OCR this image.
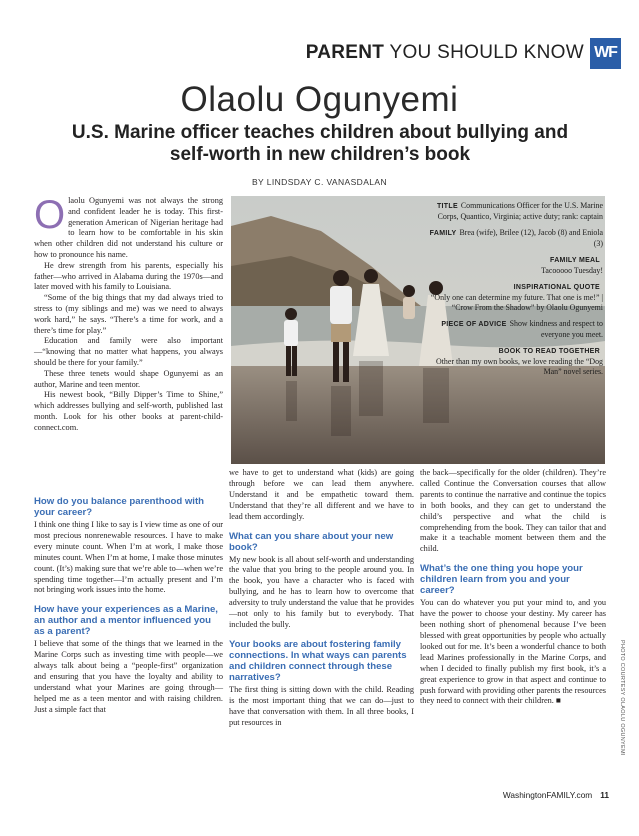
PARENT YOU SHOULD KNOW WF
Olaolu Ogunyemi
U.S. Marine officer teaches children about bullying and self-worth in new children’s book
BY LINDSDAY C. VANASDALAN

Olaolu Ogunyemi was not always the strong and confident leader he is today. This first-generation American of Nigerian heritage had to learn how to be comfortable in his skin when other children did not understand his culture or how to pronounce his name.

He drew strength from his parents, especially his father—who arrived in Alabama during the 1970s—and later moved with his family to Louisiana.

“Some of the big things that my dad always tried to stress to (my siblings and me) was we need to always work hard,” he says. “There’s a time for work, and a there’s time for play.”

Education and family were also important—“knowing that no matter what happens, you always should be there for your family.”

These three tenets would shape Ogunyemi as an author, Marine and teen mentor.

His newest book, “Billy Dipper’s Time to Shine,” which addresses bullying and self-worth, published last month. Look for his other books at parent-child-connect.com.

TITLE Communications Officer for the U.S. Marine Corps, Quantico, Virginia; active duty; rank: captain
FAMILY Brea (wife), Brilee (12), Jacob (8) and Eniola (3)
FAMILY MEAL
Tacooooo Tuesday!
INSPIRATIONAL QUOTE
“Only one can determine my future. That one is me!” | “Crow From the Shadow” by Olaolu Ogunyemi
PIECE OF ADVICE Show kindness and respect to everyone you meet.
BOOK TO READ TOGETHER
Other than my own books, we love reading the “Dog Man” novel series.
How do you balance parenthood with your career?

I think one thing I like to say is I view time as one of our most precious nonrenewable resources. I have to make every minute count. When I’m at work, I make those minutes count. When I’m at home, I make those minutes count. (It’s) making sure that we’re able to—when we’re spending time together—I’m actually present and I’m not bringing work issues into the home.

How have your experiences as a Marine, an author and a mentor influenced you as a parent?

I believe that some of the things that we learned in the Marine Corps such as investing time with people—we always talk about being a “people-first” organization and ensuring that you have the loyalty and ability to understand what your Marines are going through—helped me as a teen mentor and with raising children. Just a simple fact that

we have to get to understand what (kids) are going through before we can lead them anywhere. Understand it and be empathetic toward them. Understand that they’re all different and we have to lead them accordingly.

What can you share about your new book?

My new book is all about self-worth and understanding the value that you bring to the people around you. In the book, you have a character who is faced with bullying, and he has to learn how to overcome that adversity to truly understand the value that he provides—not only to his family but to everybody. That included the bully.

Your books are about fostering family connections. In what ways can parents and children connect through these narratives?

The first thing is sitting down with the child. Reading is the most important thing that we can do—just to have that conversation with them. In all three books, I put resources in

the back—specifically for the older (children). They’re called Continue the Conversation courses that allow parents to continue the narrative and continue the topics in both books, and they can get to understand the child’s perspective and what the child is comprehending from the book. They can tailor that and make it a teachable moment between them and the child.

What’s the one thing you hope your children learn from you and your career?

You can do whatever you put your mind to, and you have the power to choose your destiny. My career has been nothing short of phenomenal because I’ve been blessed with great opportunities by people who actually looked out for me. It’s been a wonderful chance to both lead Marines professionally in the Marine Corps, and when I decided to finally publish my first book, it’s a great experience to grow in that aspect and continue to push forward with providing other parents the resources they need to connect with their children. ■	PHOTO COURTESY OLAOLU OGUNYEMI
WashingtonFAMILY.com 11
